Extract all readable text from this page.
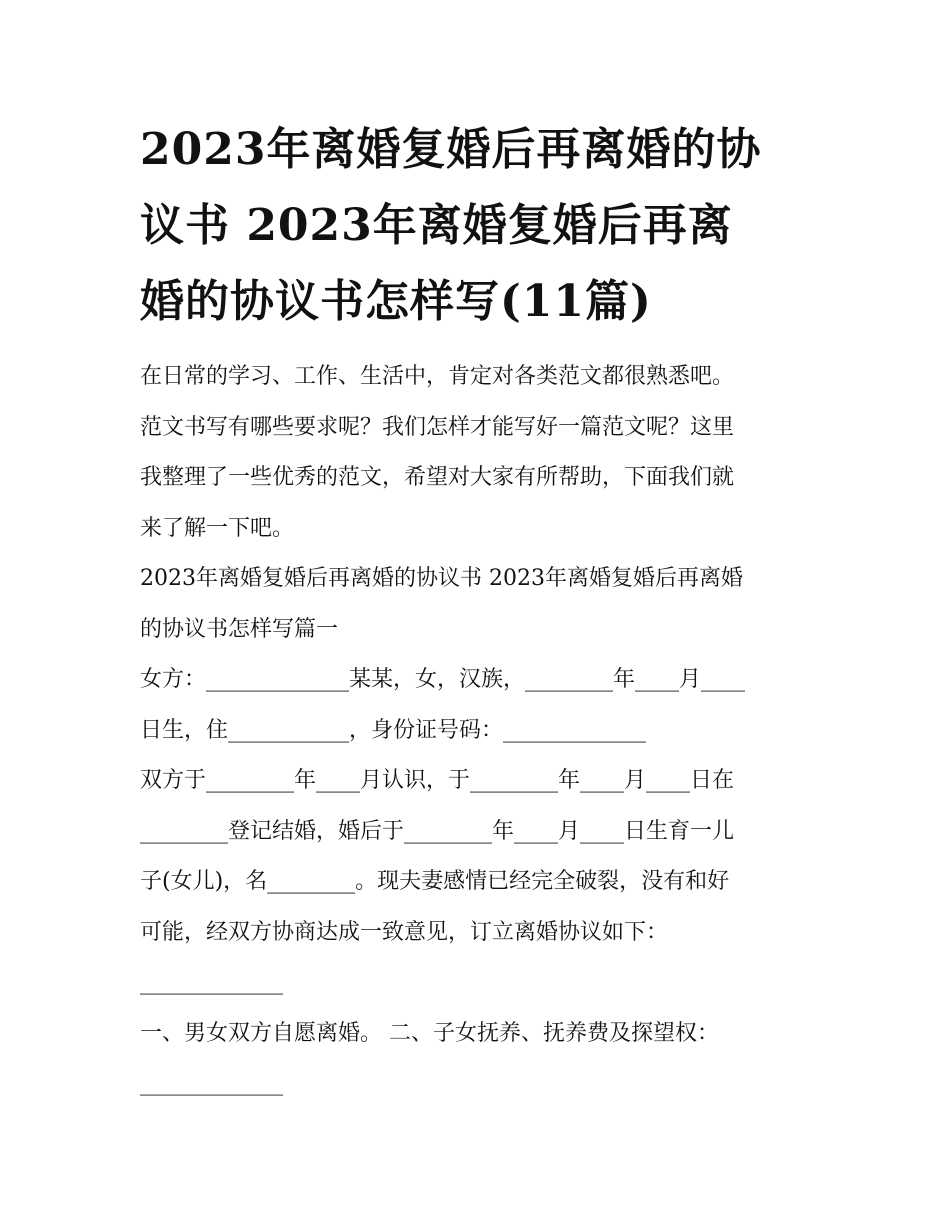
2023年离婚复婚后再离婚的协
议书 2023年离婚复婚后再离
婚的协议书怎样写(11篇)
在日常的学习、工作、生活中，肯定对各类范文都很熟悉吧。
范文书写有哪些要求呢？我们怎样才能写好一篇范文呢？这里
我整理了一些优秀的范文，希望对大家有所帮助，下面我们就
来了解一下吧。
2023年离婚复婚后再离婚的协议书 2023年离婚复婚后再离婚
的协议书怎样写篇一
女方：_____________某某，女，汉族，________年____月____
日生，住___________，身份证号码：_____________
双方于________年____月认识，于________年____月____日在
________登记结婚，婚后于________年____月____日生育一儿
子(女儿)，名________。现夫妻感情已经完全破裂，没有和好
可能，经双方协商达成一致意见，订立离婚协议如下：
_____________
一、男女双方自愿离婚。 二、子女抚养、抚养费及探望权：
_____________
